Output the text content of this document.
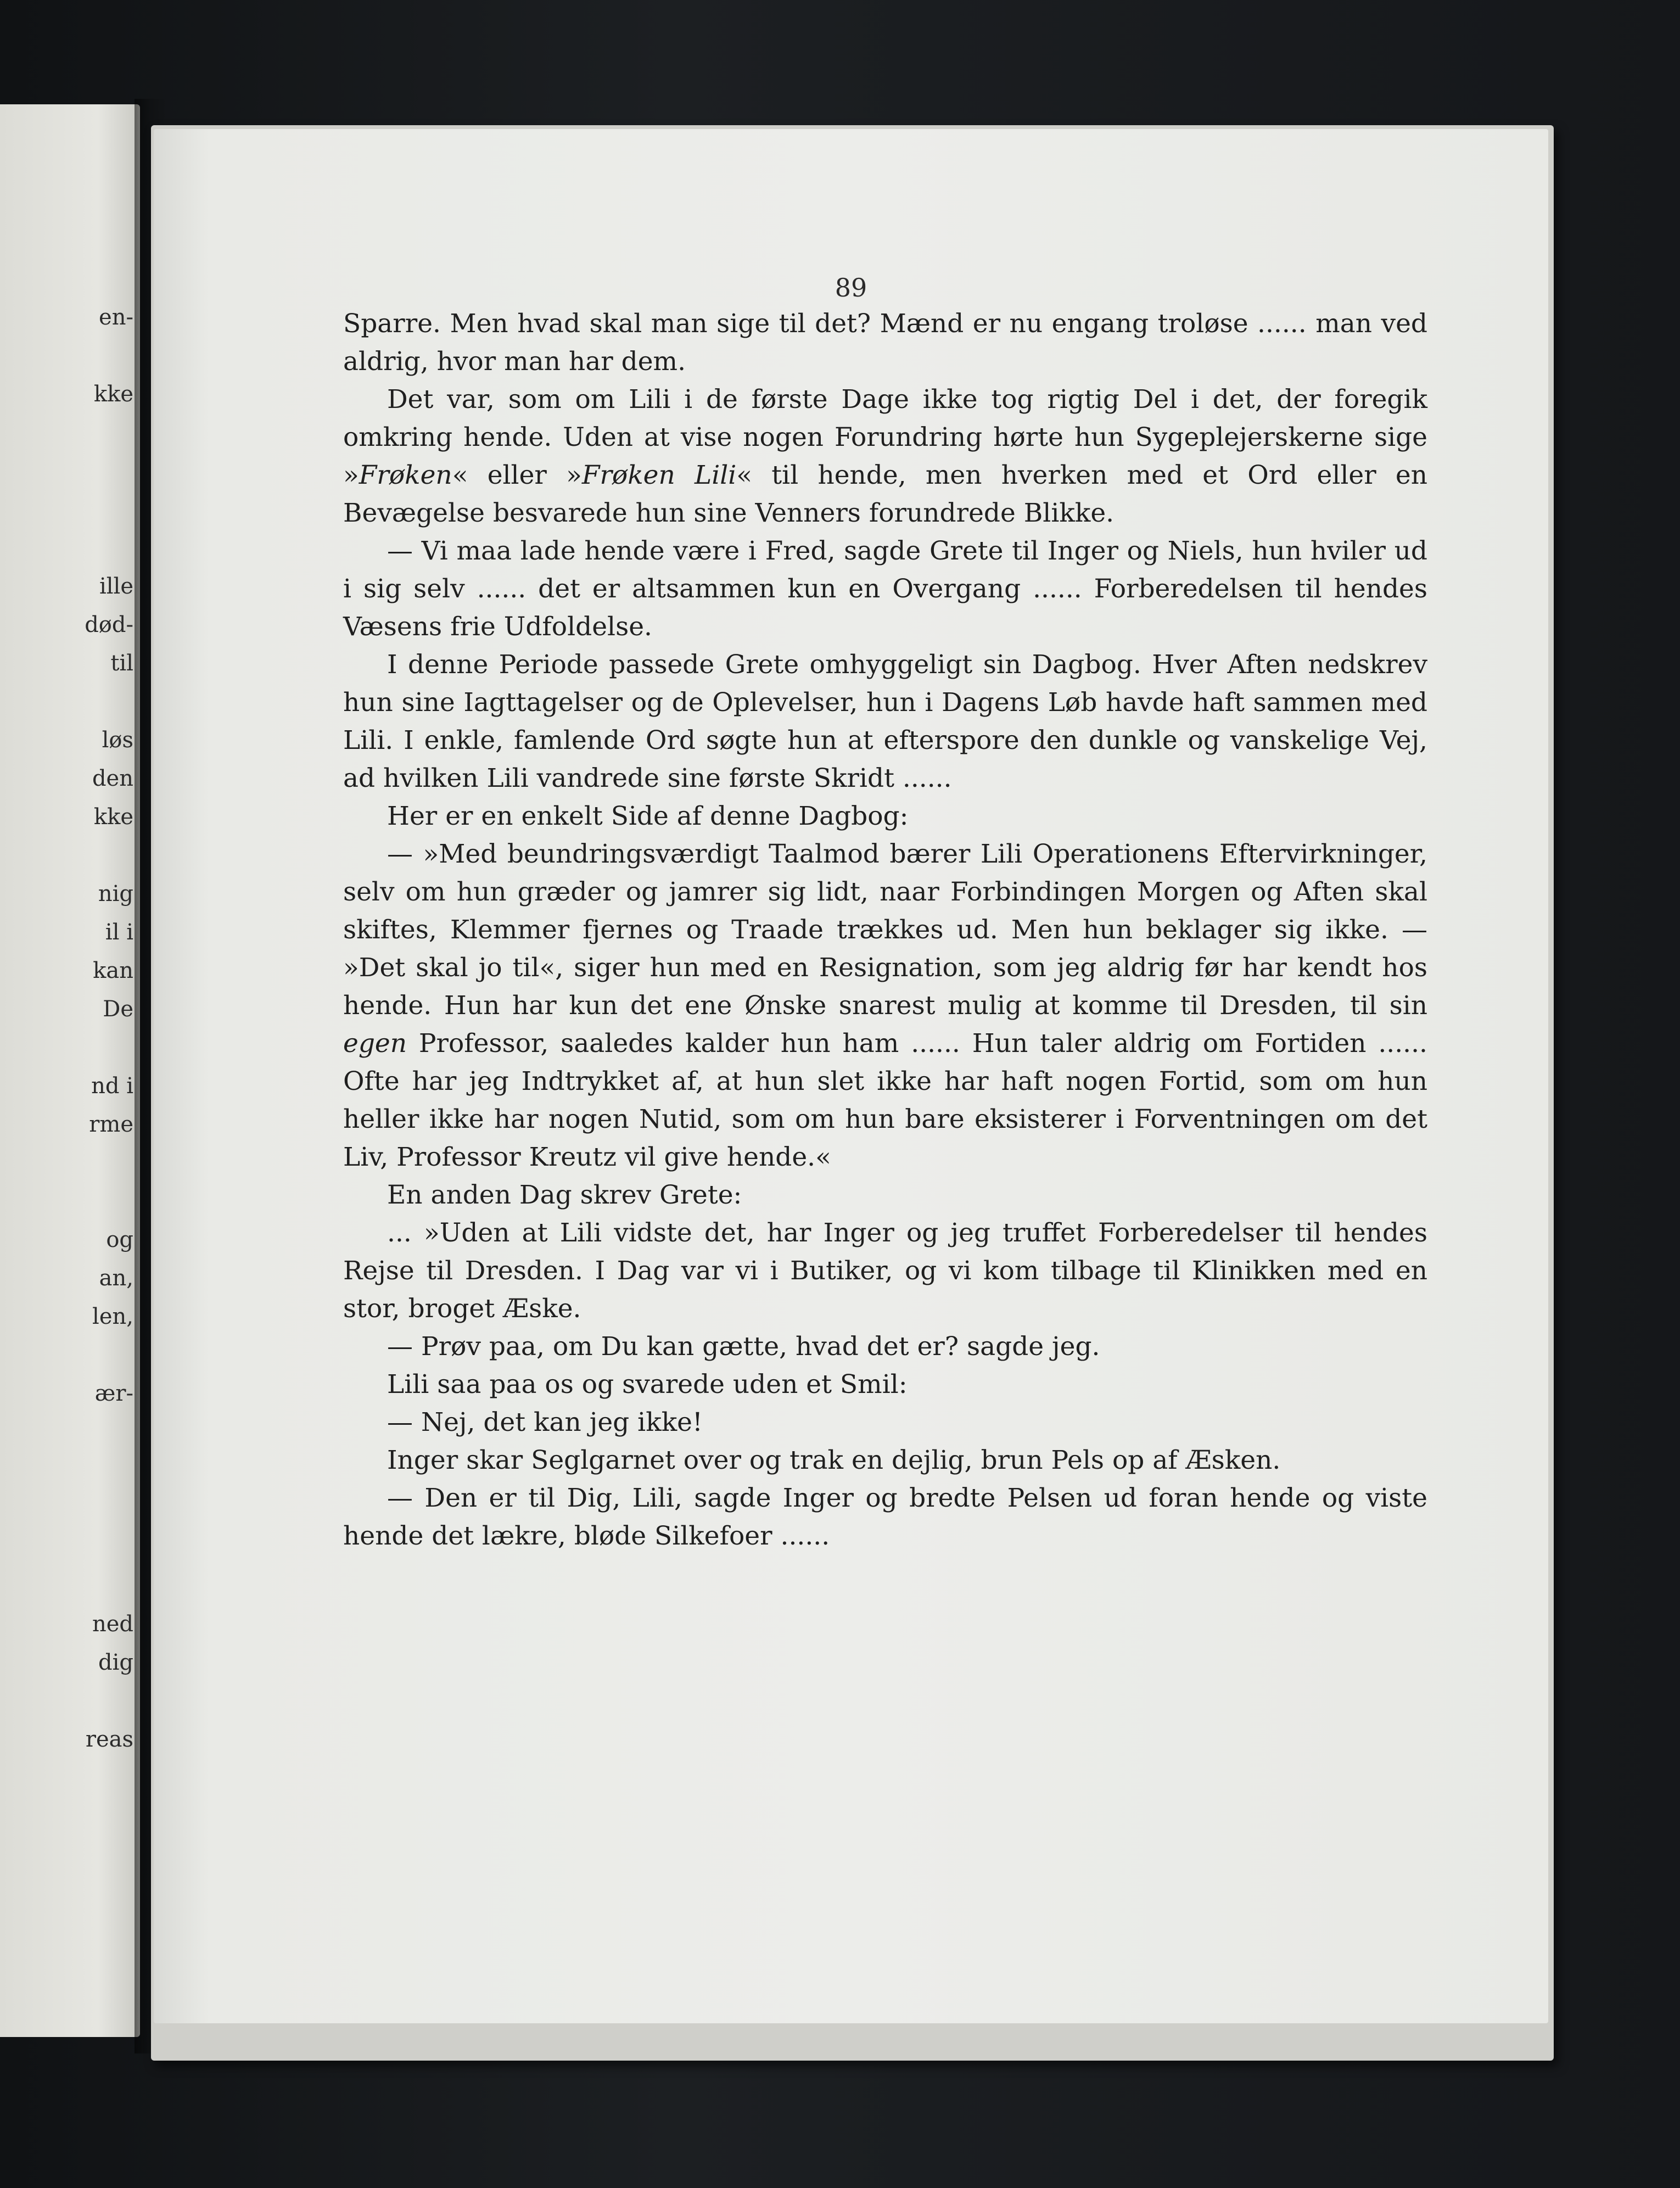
en-
kke
ille
død-
til
løs
den
kke
nig
il i
kan
De
nd i
rme
og
an,
len,
ær-
ned
dig
reas

89

Sparre. Men hvad skal man sige til det? Mænd er nu engang troløse ...... man ved aldrig, hvor man har dem.

Det var, som om Lili i de første Dage ikke tog rigtig Del i det, der foregik omkring hende. Uden at vise nogen Forundring hørte hun Sygeplejerskerne sige »Frøken« eller »Frøken Lili« til hende, men hverken med et Ord eller en Bevægelse besvarede hun sine Venners forundrede Blikke.

— Vi maa lade hende være i Fred, sagde Grete til Inger og Niels, hun hviler ud i sig selv ...... det er altsammen kun en Overgang ...... Forberedelsen til hendes Væsens frie Udfoldelse.

I denne Periode passede Grete omhyggeligt sin Dagbog. Hver Aften nedskrev hun sine Iagttagelser og de Oplevelser, hun i Dagens Løb havde haft sammen med Lili. I enkle, famlende Ord søgte hun at efterspore den dunkle og vanskelige Vej, ad hvilken Lili vandrede sine første Skridt ......

Her er en enkelt Side af denne Dagbog:

— »Med beundringsværdigt Taalmod bærer Lili Operationens Eftervirkninger, selv om hun græder og jamrer sig lidt, naar Forbindingen Morgen og Aften skal skiftes, Klemmer fjernes og Traade trækkes ud. Men hun beklager sig ikke. — »Det skal jo til«, siger hun med en Resignation, som jeg aldrig før har kendt hos hende. Hun har kun det ene Ønske snarest mulig at komme til Dresden, til sin egen Professor, saaledes kalder hun ham ...... Hun taler aldrig om Fortiden ...... Ofte har jeg Indtrykket af, at hun slet ikke har haft nogen Fortid, som om hun heller ikke har nogen Nutid, som om hun bare eksisterer i Forventningen om det Liv, Professor Kreutz vil give hende.«

En anden Dag skrev Grete:

... »Uden at Lili vidste det, har Inger og jeg truffet Forberedelser til hendes Rejse til Dresden. I Dag var vi i Butiker, og vi kom tilbage til Klinikken med en stor, broget Æske.

— Prøv paa, om Du kan gætte, hvad det er? sagde jeg.

Lili saa paa os og svarede uden et Smil:

— Nej, det kan jeg ikke!

Inger skar Seglgarnet over og trak en dejlig, brun Pels op af Æsken.

— Den er til Dig, Lili, sagde Inger og bredte Pelsen ud foran hende og viste hende det lækre, bløde Silkefoer ......
